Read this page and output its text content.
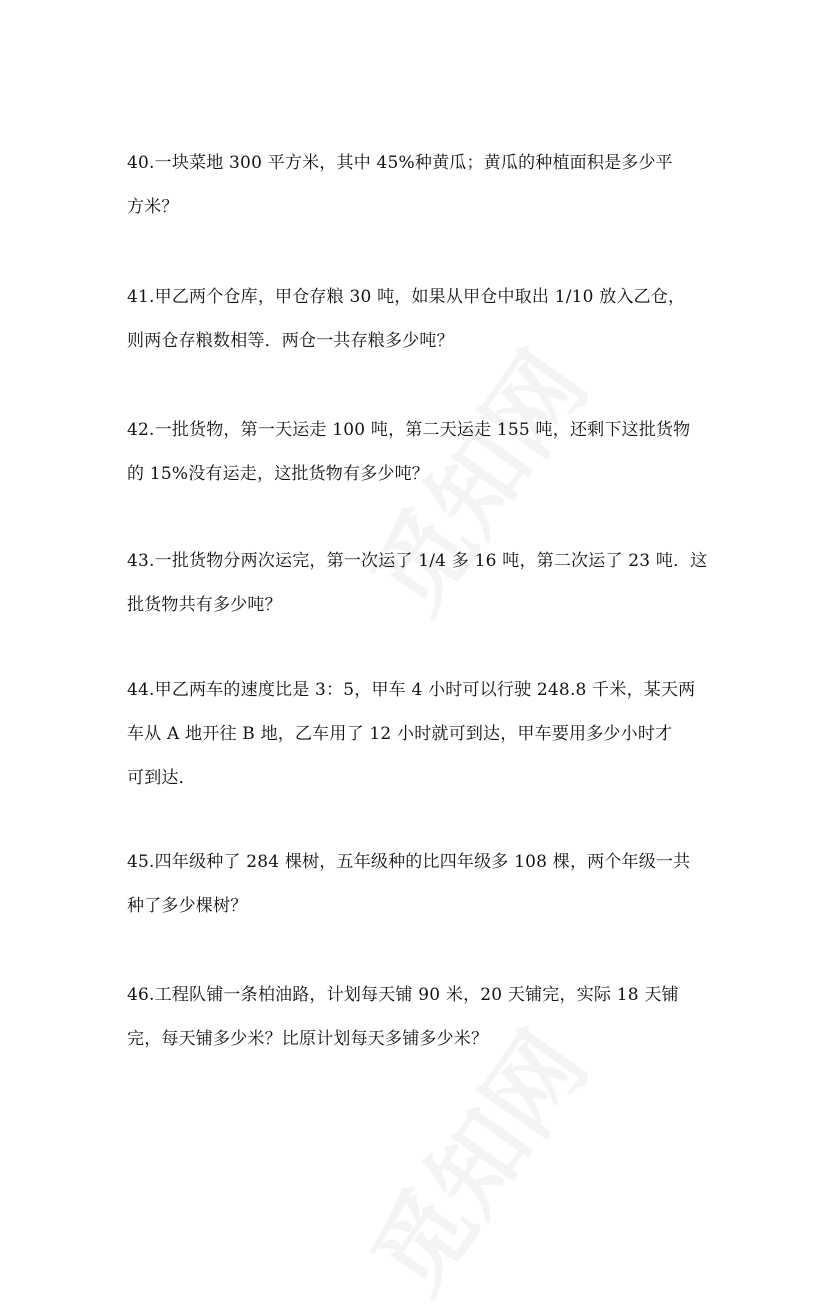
40.一块菜地 300 平方米，其中 45%种黄瓜；黄瓜的种植面积是多少平
方米？
41.甲乙两个仓库，甲仓存粮 30 吨，如果从甲仓中取出 1/10 放入乙仓，
则两仓存粮数相等．两仓一共存粮多少吨？
42.一批货物，第一天运走 100 吨，第二天运走 155 吨，还剩下这批货物
的 15%没有运走，这批货物有多少吨？
43.一批货物分两次运完，第一次运了 1/4 多 16 吨，第二次运了 23 吨．这
批货物共有多少吨？
44.甲乙两车的速度比是 3：5，甲车 4 小时可以行驶 248.8 千米，某天两
车从 A 地开往 B 地，乙车用了 12 小时就可到达，甲车要用多少小时才
可到达．
45.四年级种了 284 棵树，五年级种的比四年级多 108 棵，两个年级一共
种了多少棵树？
46.工程队铺一条柏油路，计划每天铺 90 米，20 天铺完，实际 18 天铺
完，每天铺多少米？比原计划每天多铺多少米？
